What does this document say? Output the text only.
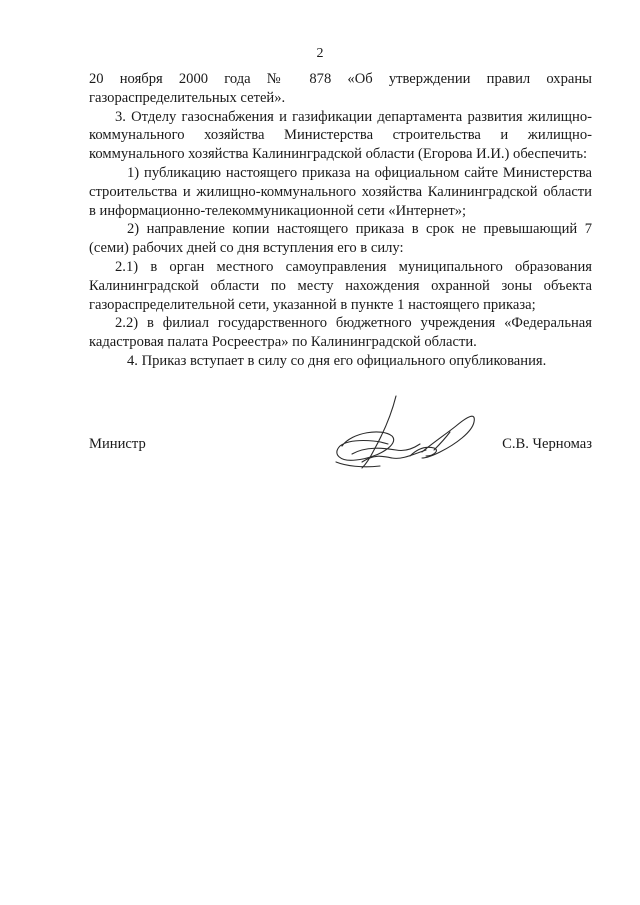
2

20 ноября 2000 года № 878 «Об утверждении правил охраны газораспределительных сетей».

3. Отделу газоснабжения и газификации департамента развития жилищно-коммунального хозяйства Министерства строительства и жилищно-коммунального хозяйства Калининградской области (Егорова И.И.) обеспечить:

1) публикацию настоящего приказа на официальном сайте Министерства строительства и жилищно-коммунального хозяйства Калининградской области в информационно-телекоммуникационной сети «Интернет»;

2) направление копии настоящего приказа в срок не превышающий 7 (семи) рабочих дней со дня вступления его в силу:

2.1) в орган местного самоуправления муниципального образования Калининградской области по месту нахождения охранной зоны объекта газораспределительной сети, указанной в пункте 1 настоящего приказа;

2.2) в филиал государственного бюджетного учреждения «Федеральная кадастровая палата Росреестра» по Калининградской области.

4. Приказ вступает в силу со дня его официального опубликования.

Министр	С.В. Черномаз
